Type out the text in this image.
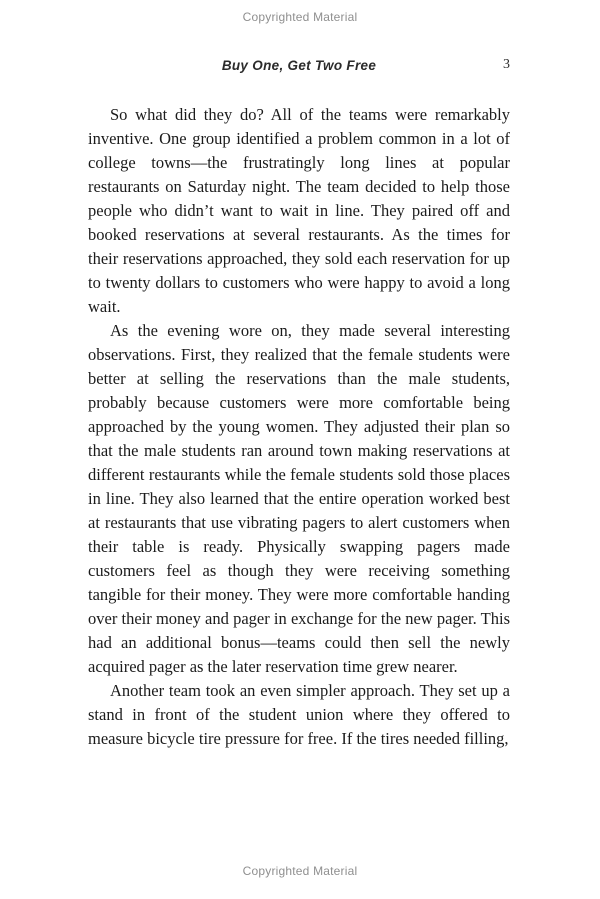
Copyrighted Material
Buy One, Get Two Free	3

So what did they do? All of the teams were remarkably inventive. One group identified a problem common in a lot of college towns—the frustratingly long lines at popular restaurants on Saturday night. The team decided to help those people who didn’t want to wait in line. They paired off and booked reservations at several restaurants. As the times for their reservations approached, they sold each reservation for up to twenty dollars to customers who were happy to avoid a long wait.

As the evening wore on, they made several interesting observations. First, they realized that the female students were better at selling the reservations than the male students, probably because customers were more comfortable being approached by the young women. They adjusted their plan so that the male students ran around town making reservations at different restaurants while the female students sold those places in line. They also learned that the entire operation worked best at restaurants that use vibrating pagers to alert customers when their table is ready. Physically swapping pagers made customers feel as though they were receiving something tangible for their money. They were more comfortable handing over their money and pager in exchange for the new pager. This had an additional bonus—teams could then sell the newly acquired pager as the later reservation time grew nearer.

Another team took an even simpler approach. They set up a stand in front of the student union where they offered to measure bicycle tire pressure for free. If the tires needed filling,

Copyrighted Material
